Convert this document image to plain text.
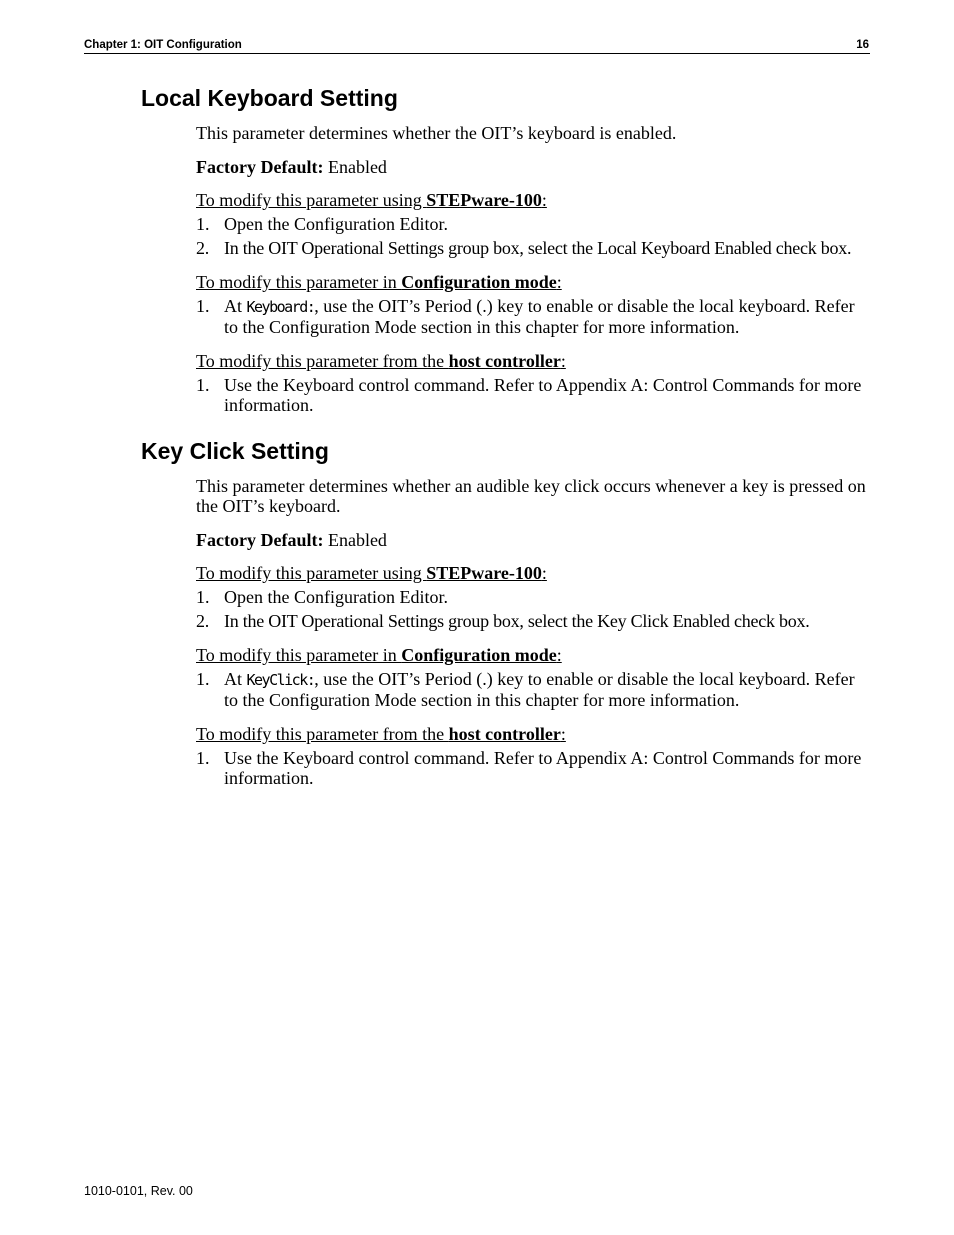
Chapter 1: OIT Configuration	16
Local Keyboard Setting

This parameter determines whether the OIT’s keyboard is enabled.

Factory Default: Enabled

To modify this parameter using STEPware-100:

1. Open the Configuration Editor.
2. In the OIT Operational Settings group box, select the Local Keyboard Enabled check box.

To modify this parameter in Configuration mode:

1. At Keyboard:, use the OIT’s Period (.) key to enable or disable the local keyboard. Refer to the Configuration Mode section in this chapter for more information.

To modify this parameter from the host controller:

1. Use the Keyboard control command. Refer to Appendix A: Control Commands for more information.
Key Click Setting

This parameter determines whether an audible key click occurs whenever a key is pressed on the OIT’s keyboard.

Factory Default: Enabled

To modify this parameter using STEPware-100:

1. Open the Configuration Editor.
2. In the OIT Operational Settings group box, select the Key Click Enabled check box.

To modify this parameter in Configuration mode:

1. At KeyClick:, use the OIT’s Period (.) key to enable or disable the local keyboard. Refer to the Configuration Mode section in this chapter for more information.

To modify this parameter from the host controller:

1. Use the Keyboard control command. Refer to Appendix A: Control Commands for more information.
1010-0101, Rev. 00
